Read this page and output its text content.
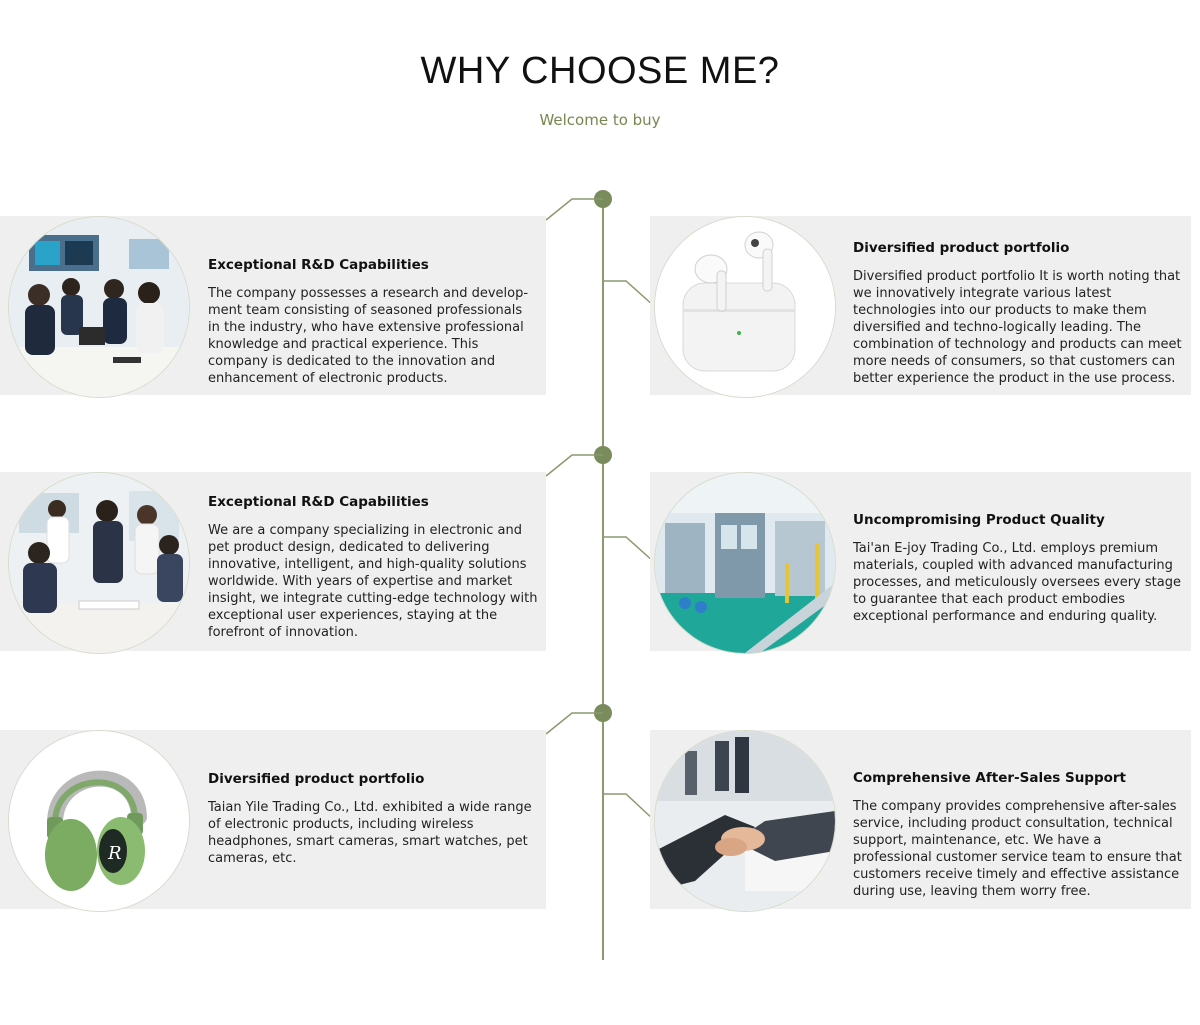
WHY CHOOSE ME?
Welcome to buy

Exceptional R&D Capabilities

The company possesses a research and develop-ment team consisting of seasoned professionals in the industry, who have extensive professional knowledge and practical experience. This company is dedicated to the innovation and enhancement of electronic products.

Diversified product portfolio

Diversified product portfolio It is worth noting that we innovatively integrate various latest technologies into our products to make them diversified and techno-logically leading. The combination of technology and products can meet more needs of consumers, so that customers can better experience the product in the use process.

Exceptional R&D Capabilities

We are a company specializing in electronic and pet product design, dedicated to delivering innovative, intelligent, and high-quality solutions worldwide. With years of expertise and market insight, we integrate cutting-edge technology with exceptional user experiences, staying at the forefront of innovation.

Uncompromising Product Quality

Tai'an E-joy Trading Co., Ltd. employs premium materials, coupled with advanced manufacturing processes, and meticulously oversees every stage to guarantee that each product embodies exceptional performance and enduring quality.

R

Diversified product portfolio

Taian Yile Trading Co., Ltd. exhibited a wide range of electronic products, including wireless headphones, smart cameras, smart watches, pet cameras, etc.

Comprehensive After-Sales Support

The company provides comprehensive after-sales service, including product consultation, technical support, maintenance, etc. We have a professional customer service team to ensure that customers receive timely and effective assistance during use, leaving them worry free.
